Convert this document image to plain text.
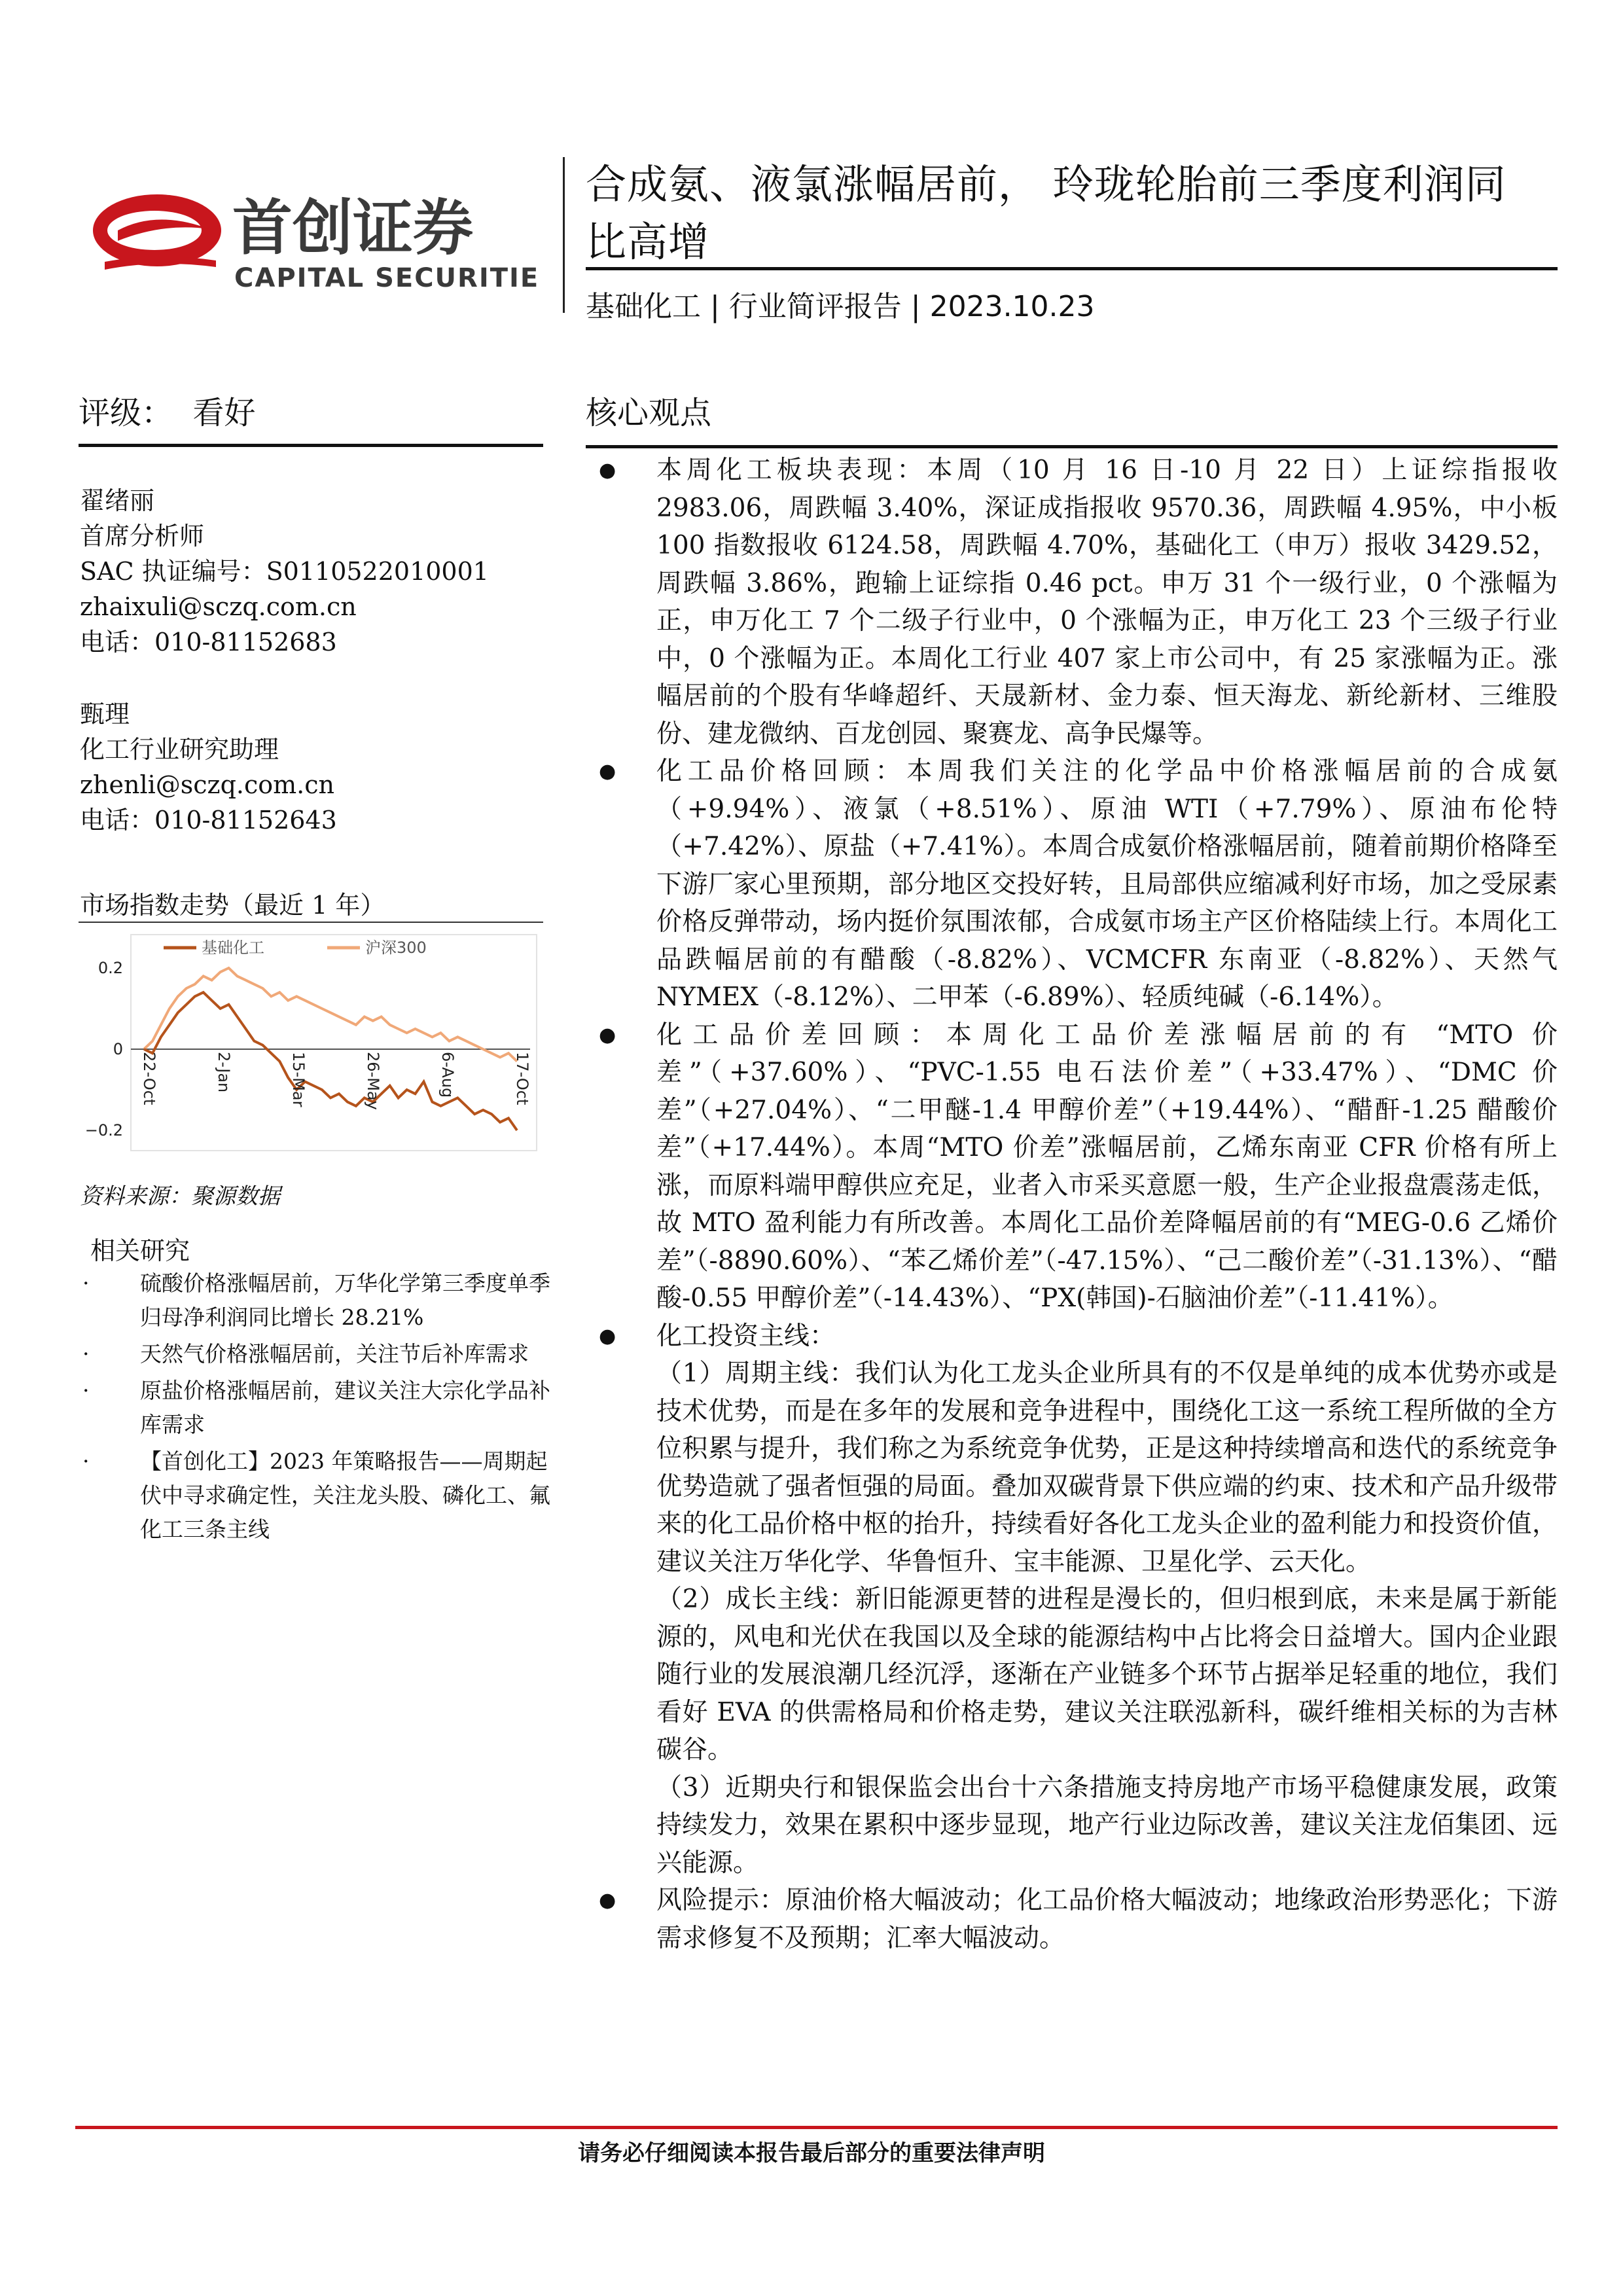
首创证券
CAPITAL SECURITIES
合成氨、液氯涨幅居前， 玲珑轮胎前三季度利润同
比高增
基础化工 | 行业简评报告 | 2023.10.23
评级：  看好
翟绪丽
首席分析师
SAC 执证编号：S0110522010001
zhaixuli@sczq.com.cn
电话：010-81152683
甄理
化工行业研究助理
zhenli@sczq.com.cn
电话：010-81152643
市场指数走势（最近 1 年）
0.2
0
−0.2
22-Oct	2-Jan	15-Mar	26-May	6-Aug	17-Oct
基础化工	沪深300
资料来源：聚源数据
相关研究
· 硫酸价格涨幅居前，万华化学第三季度单季归母净利润同比增长 28.21%
· 天然气价格涨幅居前，关注节后补库需求
· 原盐价格涨幅居前，建议关注大宗化学品补库需求
· 【首创化工】2023 年策略报告——周期起伏中寻求确定性，关注龙头股、磷化工、氟化工三条主线
核心观点
● 本周化工板块表现：本周（10 月 16 日-10 月 22 日）上证综指报收 2983.06，周跌幅 3.40%，深证成指报收 9570.36，周跌幅 4.95%，中小板 100 指数报收 6124.58，周跌幅 4.70%，基础化工（申万）报收 3429.52，周跌幅 3.86%，跑输上证综指 0.46 pct。申万 31 个一级行业，0 个涨幅为正，申万化工 7 个二级子行业中，0 个涨幅为正，申万化工 23 个三级子行业中，0 个涨幅为正。本周化工行业 407 家上市公司中，有 25 家涨幅为正。涨幅居前的个股有华峰超纤、天晟新材、金力泰、恒天海龙、新纶新材、三维股份、建龙微纳、百龙创园、聚赛龙、高争民爆等。

● 化工品价格回顾：本周我们关注的化学品中价格涨幅居前的合成氨（+9.94%）、液氯（+8.51%）、原油 WTI（+7.79%）、原油布伦特（+7.42%）、原盐（+7.41%）。本周合成氨价格涨幅居前，随着前期价格降至下游厂家心里预期，部分地区交投好转，且局部供应缩减利好市场，加之受尿素价格反弹带动，场内挺价氛围浓郁，合成氨市场主产区价格陆续上行。本周化工品跌幅居前的有醋酸（-8.82%）、VCMCFR 东南亚（-8.82%）、天然气 NYMEX（-8.12%）、二甲苯（-6.89%）、轻质纯碱（-6.14%）。

● 化工品价差回顾：本周化工品价差涨幅居前的有 “MTO 价差”（+37.60%）、“PVC-1.55 电石法价差”（+33.47%）、“DMC 价差”（+27.04%）、“二甲醚-1.4 甲醇价差”（+19.44%）、“醋酐-1.25 醋酸价差”（+17.44%）。本周“MTO 价差”涨幅居前，乙烯东南亚 CFR 价格有所上涨，而原料端甲醇供应充足，业者入市采买意愿一般，生产企业报盘震荡走低，故 MTO 盈利能力有所改善。本周化工品价差降幅居前的有“MEG-0.6 乙烯价差”（-8890.60%）、“苯乙烯价差”（-47.15%）、“己二酸价差”（-31.13%）、“醋酸-0.55 甲醇价差”（-14.43%）、“PX(韩国)-石脑油价差”（-11.41%）。

● 化工投资主线：

（1）周期主线：我们认为化工龙头企业所具有的不仅是单纯的成本优势亦或是技术优势，而是在多年的发展和竞争进程中，围绕化工这一系统工程所做的全方位积累与提升，我们称之为系统竞争优势，正是这种持续增高和迭代的系统竞争优势造就了强者恒强的局面。叠加双碳背景下供应端的约束、技术和产品升级带来的化工品价格中枢的抬升，持续看好各化工龙头企业的盈利能力和投资价值，建议关注万华化学、华鲁恒升、宝丰能源、卫星化学、云天化。

（2）成长主线：新旧能源更替的进程是漫长的，但归根到底，未来是属于新能源的，风电和光伏在我国以及全球的能源结构中占比将会日益增大。国内企业跟随行业的发展浪潮几经沉浮，逐渐在产业链多个环节占据举足轻重的地位，我们看好 EVA 的供需格局和价格走势，建议关注联泓新科，碳纤维相关标的为吉林碳谷。

（3）近期央行和银保监会出台十六条措施支持房地产市场平稳健康发展，政策持续发力，效果在累积中逐步显现，地产行业边际改善，建议关注龙佰集团、远兴能源。

● 风险提示：原油价格大幅波动；化工品价格大幅波动；地缘政治形势恶化；下游需求修复不及预期；汇率大幅波动。

请务必仔细阅读本报告最后部分的重要法律声明
